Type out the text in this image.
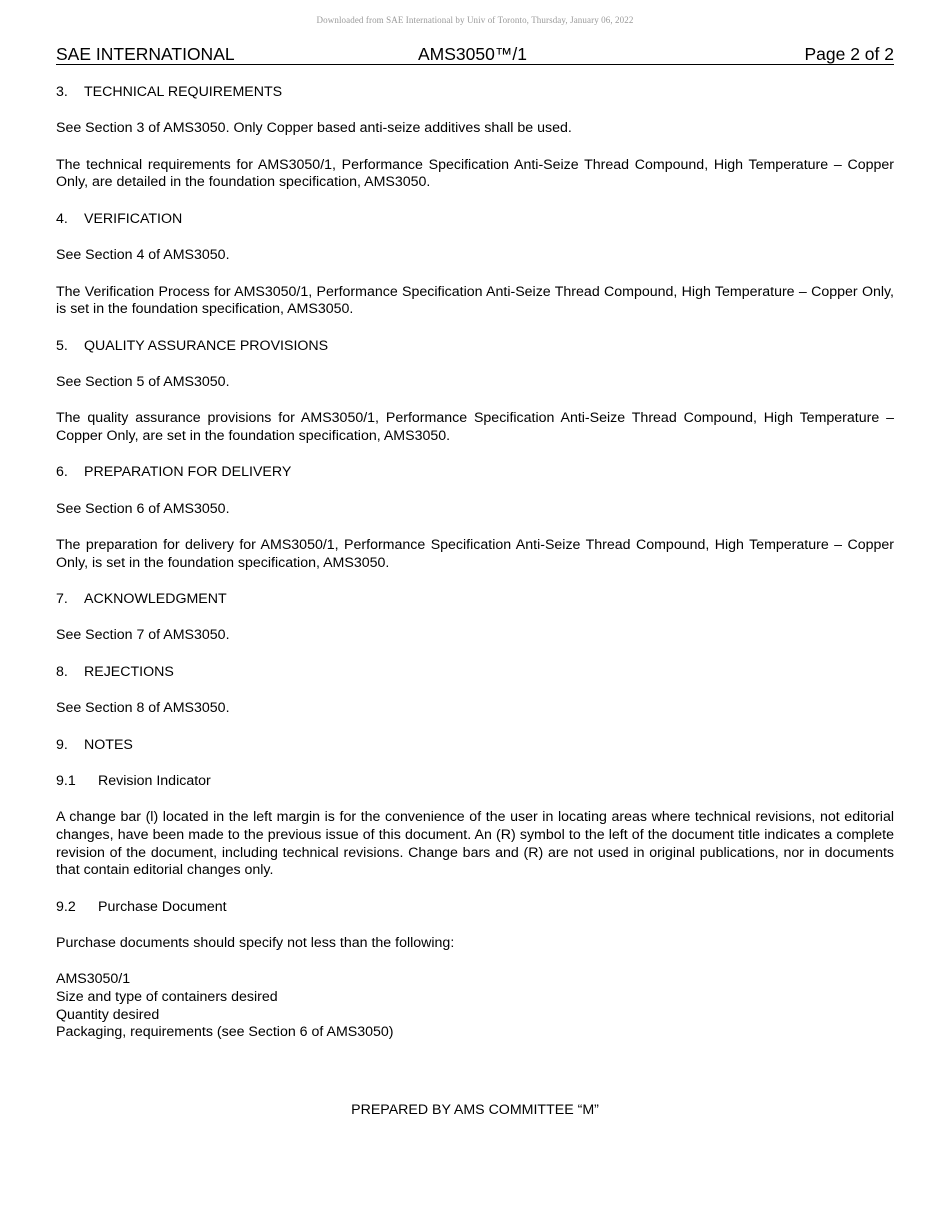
Downloaded from SAE International by Univ of Toronto, Thursday, January 06, 2022
SAE INTERNATIONAL	AMS3050™/1	Page 2 of 2
3. TECHNICAL REQUIREMENTS

See Section 3 of AMS3050. Only Copper based anti-seize additives shall be used.

The technical requirements for AMS3050/1, Performance Specification Anti-Seize Thread Compound, High Temperature – Copper Only, are detailed in the foundation specification, AMS3050.

4. VERIFICATION

See Section 4 of AMS3050.

The Verification Process for AMS3050/1, Performance Specification Anti-Seize Thread Compound, High Temperature – Copper Only, is set in the foundation specification, AMS3050.

5. QUALITY ASSURANCE PROVISIONS

See Section 5 of AMS3050.

The quality assurance provisions for AMS3050/1, Performance Specification Anti-Seize Thread Compound, High Temperature – Copper Only, are set in the foundation specification, AMS3050.

6. PREPARATION FOR DELIVERY

See Section 6 of AMS3050.

The preparation for delivery for AMS3050/1, Performance Specification Anti-Seize Thread Compound, High Temperature – Copper Only, is set in the foundation specification, AMS3050.

7. ACKNOWLEDGMENT

See Section 7 of AMS3050.

8. REJECTIONS

See Section 8 of AMS3050.

9. NOTES
9.1 Revision Indicator

A change bar (l) located in the left margin is for the convenience of the user in locating areas where technical revisions, not editorial changes, have been made to the previous issue of this document. An (R) symbol to the left of the document title indicates a complete revision of the document, including technical revisions. Change bars and (R) are not used in original publications, nor in documents that contain editorial changes only.

9.2 Purchase Document

Purchase documents should specify not less than the following:

AMS3050/1
Size and type of containers desired
Quantity desired
Packaging, requirements (see Section 6 of AMS3050)
PREPARED BY AMS COMMITTEE “M”
